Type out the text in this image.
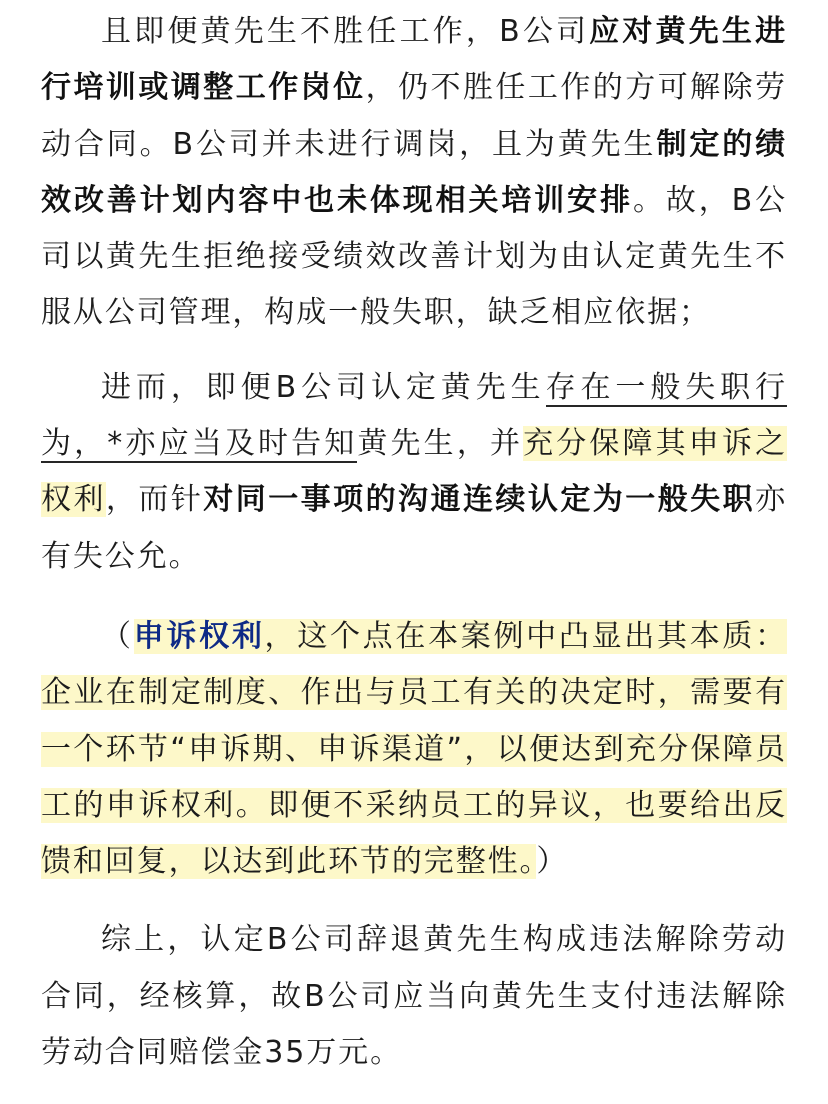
且即便黄先生不胜任工作，B公司应对黄先生进行培训或调整工作岗位，仍不胜任工作的方可解除劳动合同。B公司并未进行调岗，且为黄先生制定的绩效改善计划内容中也未体现相关培训安排。故，B公司以黄先生拒绝接受绩效改善计划为由认定黄先生不服从公司管理，构成一般失职，缺乏相应依据；

进而，即便B公司认定黄先生存在一般失职行为，*亦应当及时告知黄先生，并充分保障其申诉之权利，而针对同一事项的沟通连续认定为一般失职亦有失公允。

（申诉权利，这个点在本案例中凸显出其本质：企业在制定制度、作出与员工有关的决定时，需要有一个环节“申诉期、申诉渠道”，以便达到充分保障员工的申诉权利。即便不采纳员工的异议，也要给出反馈和回复，以达到此环节的完整性。）

综上，认定B公司辞退黄先生构成违法解除劳动合同，经核算，故B公司应当向黄先生支付违法解除劳动合同赔偿金35万元。
